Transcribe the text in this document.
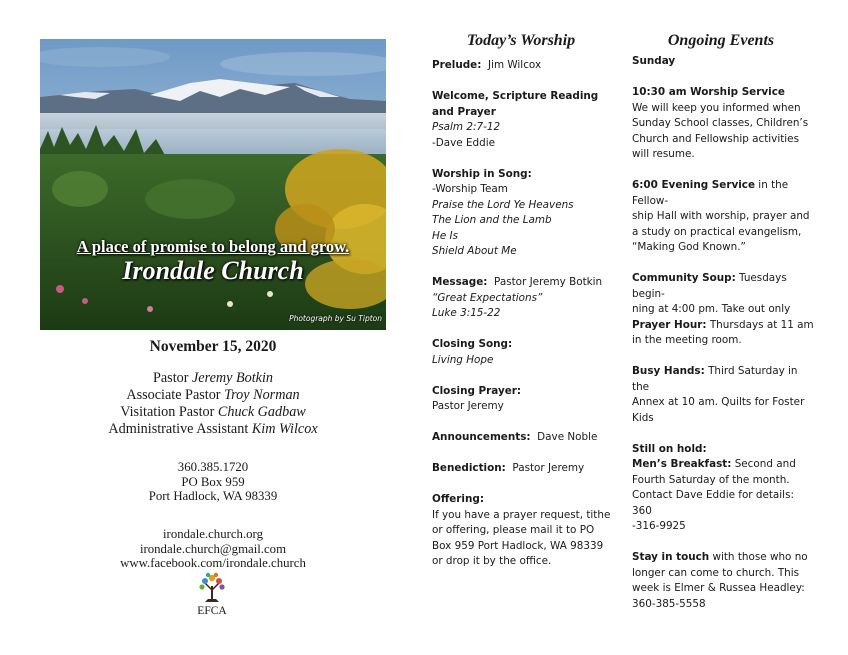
A place of promise to belong and grow.
Irondale Church
Photograph by Su Tipton
November 15, 2020
Pastor Jeremy Botkin
Associate Pastor Troy Norman
Visitation Pastor Chuck Gadbaw
Administrative Assistant Kim Wilcox
360.385.1720
PO Box 959
Port Hadlock, WA 98339
irondale.church.org
irondale.church@gmail.com
www.facebook.com/irondale.church
EFCA
Today’s Worship

Prelude: Jim Wilcox

Welcome, Scripture Reading and Prayer

Psalm 2:7-12

-Dave Eddie

Worship in Song:

-Worship Team

Praise the Lord Ye Heavens

The Lion and the Lamb

He Is

Shield About Me

Message: Pastor Jeremy Botkin

“Great Expectations”

Luke 3:15-22

Closing Song:

Living Hope

Closing Prayer:

Pastor Jeremy

Announcements: Dave Noble

Benediction: Pastor Jeremy

Offering:

If you have a prayer request, tithe

or offering, please mail it to PO

Box 959 Port Hadlock, WA 98339

or drop it by the office.

Ongoing Events

Sunday

10:30 am Worship Service

We will keep you informed when

Sunday School classes, Children’s

Church and Fellowship activities

will resume.

6:00 Evening Service in the Fellow-

ship Hall with worship, prayer and

a study on practical evangelism,

“Making God Known.”

Community Soup: Tuesdays begin-

ning at 4:00 pm. Take out only

Prayer Hour: Thursdays at 11 am

in the meeting room.

Busy Hands: Third Saturday in the

Annex at 10 am. Quilts for Foster

Kids

Still on hold:

Men’s Breakfast: Second and

Fourth Saturday of the month.

Contact Dave Eddie for details: 360

-316-9925

Stay in touch with those who no

longer can come to church. This

week is Elmer & Russea Headley:

360-385-5558
